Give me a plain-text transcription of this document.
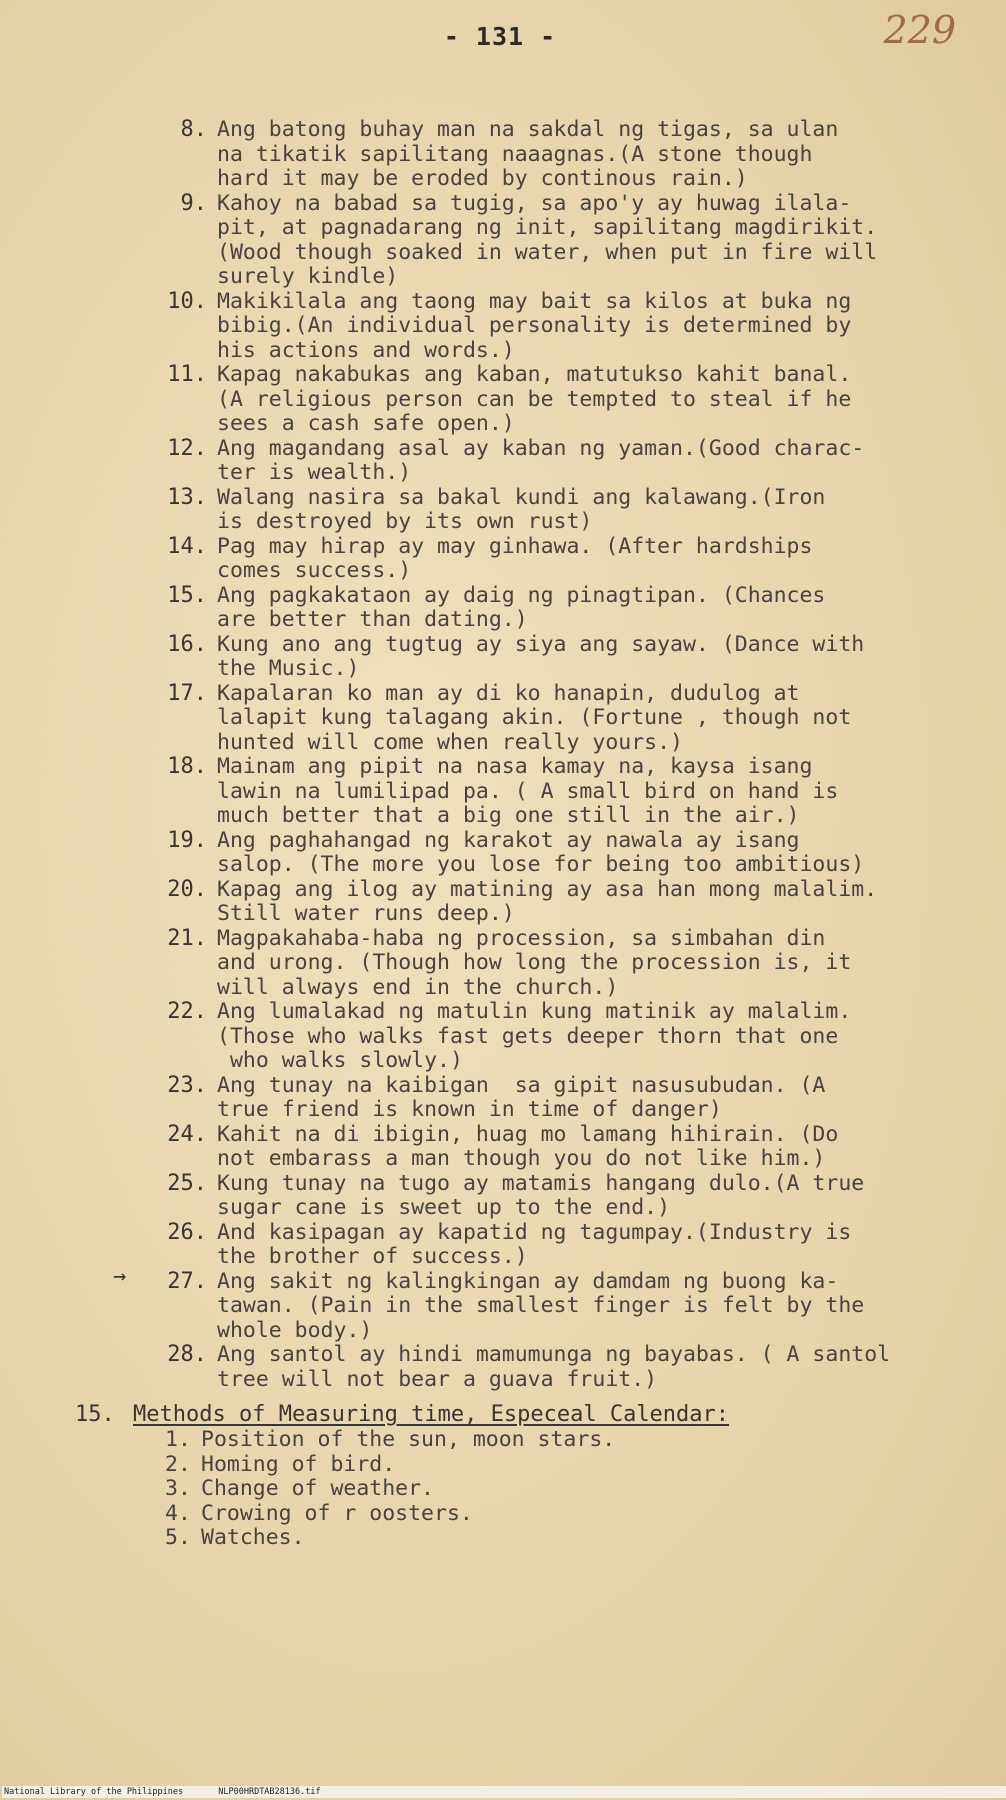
- 131 -	229
8. Ang batong buhay man na sakdal ng tigas, sa ulan
na tikatik sapilitang naaagnas.(A stone though
hard it may be eroded by continous rain.)
9. Kahoy na babad sa tugig, sa apo'y ay huwag ilala-
pit, at pagnadarang ng init, sapilitang magdirikit.
(Wood though soaked in water, when put in fire will
surely kindle)
10. Makikilala ang taong may bait sa kilos at buka ng
bibig.(An individual personality is determined by
his actions and words.)
11. Kapag nakabukas ang kaban, matutukso kahit banal.
(A religious person can be tempted to steal if he
sees a cash safe open.)
12. Ang magandang asal ay kaban ng yaman.(Good charac-
ter is wealth.)
13. Walang nasira sa bakal kundi ang kalawang.(Iron
is destroyed by its own rust)
14. Pag may hirap ay may ginhawa. (After hardships
comes success.)
15. Ang pagkakataon ay daig ng pinagtipan. (Chances
are better than dating.)
16. Kung ano ang tugtug ay siya ang sayaw. (Dance with
the Music.)
17. Kapalaran ko man ay di ko hanapin, dudulog at
lalapit kung talagang akin. (Fortune , though not
hunted will come when really yours.)
18. Mainam ang pipit na nasa kamay na, kaysa isang
lawin na lumilipad pa. ( A small bird on hand is
much better that a big one still in the air.)
19. Ang paghahangad ng karakot ay nawala ay isang
salop. (The more you lose for being too ambitious)
20. Kapag ang ilog ay matining ay asa han mong malalim.
Still water runs deep.)
21. Magpakahaba-haba ng procession, sa simbahan din
and urong. (Though how long the procession is, it
will always end in the church.)
22. Ang lumalakad ng matulin kung matinik ay malalim.
(Those who walks fast gets deeper thorn that one
who walks slowly.)
23. Ang tunay na kaibigan  sa gipit nasusubudan. (A
true friend is known in time of danger)
24. Kahit na di ibigin, huag mo lamang hihirain. (Do
not embarass a man though you do not like him.)
25. Kung tunay na tugo ay matamis hangang dulo.(A true
sugar cane is sweet up to the end.)
26. And kasipagan ay kapatid ng tagumpay.(Industry is
the brother of success.)
27. Ang sakit ng kalingkingan ay damdam ng buong ka-
tawan. (Pain in the smallest finger is felt by the
whole body.)
28. Ang santol ay hindi mamumunga ng bayabas. ( A santol
tree will not bear a guava fruit.)
→
15. Methods of Measuring time, Especeal Calendar:
1. Position of the sun, moon stars.
2. Homing of bird.
3. Change of weather.
4. Crowing of r oosters.
5. Watches.
National Library of the Philippines	NLP00HRDTAB28136.tif
